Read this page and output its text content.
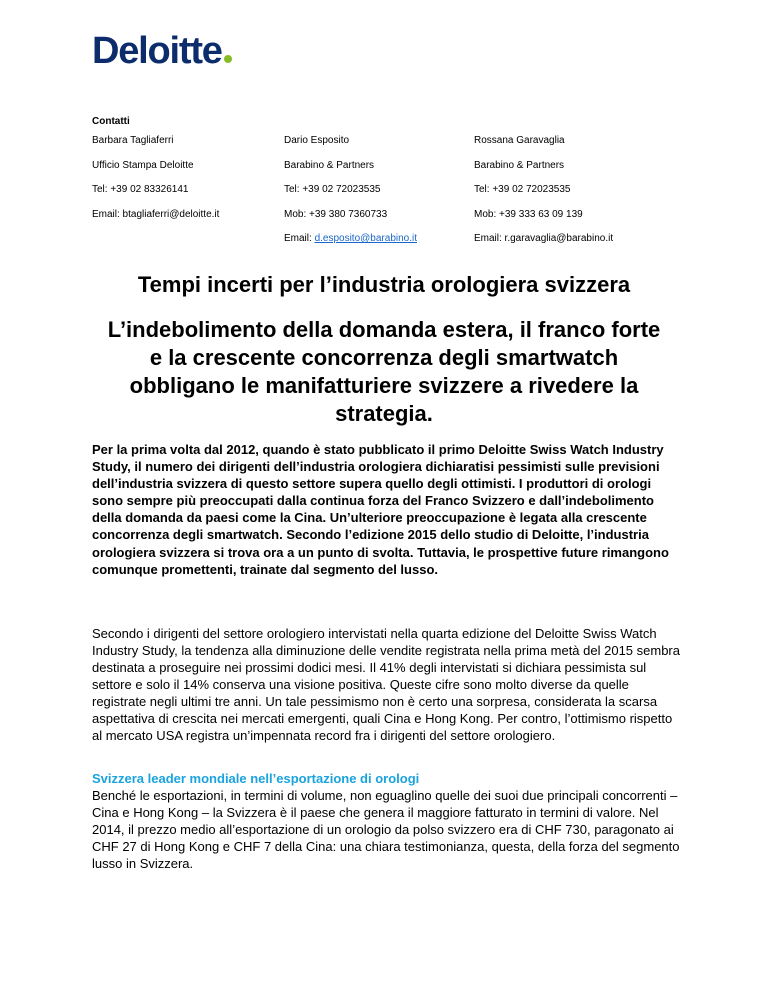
Deloitte
Contatti
Barbara Tagliaferri
Ufficio Stampa Deloitte
Tel: +39 02 83326141
Email: btagliaferri@deloitte.it
Dario Esposito
Barabino & Partners
Tel: +39 02 72023535
Mob: +39 380 7360733
Email: d.esposito@barabino.it
Rossana Garavaglia
Barabino & Partners
Tel: +39 02 72023535
Mob: +39 333 63 09 139
Email: r.garavaglia@barabino.it
Tempi incerti per l’industria orologiera svizzera
L’indebolimento della domanda estera, il franco forte e la crescente concorrenza degli smartwatch obbligano le manifatturiere svizzere a rivedere la strategia.
Per la prima volta dal 2012, quando è stato pubblicato il primo Deloitte Swiss Watch Industry Study, il numero dei dirigenti dell’industria orologiera dichiaratisi pessimisti sulle previsioni dell’industria svizzera di questo settore supera quello degli ottimisti. I produttori di orologi sono sempre più preoccupati dalla continua forza del Franco Svizzero e dall’indebolimento della domanda da paesi come la Cina. Un’ulteriore preoccupazione è legata alla crescente concorrenza degli smartwatch. Secondo l’edizione 2015 dello studio di Deloitte, l’industria orologiera svizzera si trova ora a un punto di svolta. Tuttavia, le prospettive future rimangono comunque promettenti, trainate dal segmento del lusso.
Secondo i dirigenti del settore orologiero intervistati nella quarta edizione del Deloitte Swiss Watch Industry Study, la tendenza alla diminuzione delle vendite registrata nella prima metà del 2015 sembra destinata a proseguire nei prossimi dodici mesi. Il 41% degli intervistati si dichiara pessimista sul settore e solo il 14% conserva una visione positiva. Queste cifre sono molto diverse da quelle registrate negli ultimi tre anni. Un tale pessimismo non è certo una sorpresa, considerata la scarsa aspettativa di crescita nei mercati emergenti, quali Cina e Hong Kong. Per contro, l’ottimismo rispetto al mercato USA registra un’impennata record fra i dirigenti del settore orologiero.
Svizzera leader mondiale nell’esportazione di orologi
Benché le esportazioni, in termini di volume, non eguaglino quelle dei suoi due principali concorrenti – Cina e Hong Kong – la Svizzera è il paese che genera il maggiore fatturato in termini di valore. Nel 2014, il prezzo medio all’esportazione di un orologio da polso svizzero era di CHF 730, paragonato ai CHF 27 di Hong Kong e CHF 7 della Cina: una chiara testimonianza, questa, della forza del segmento lusso in Svizzera.
